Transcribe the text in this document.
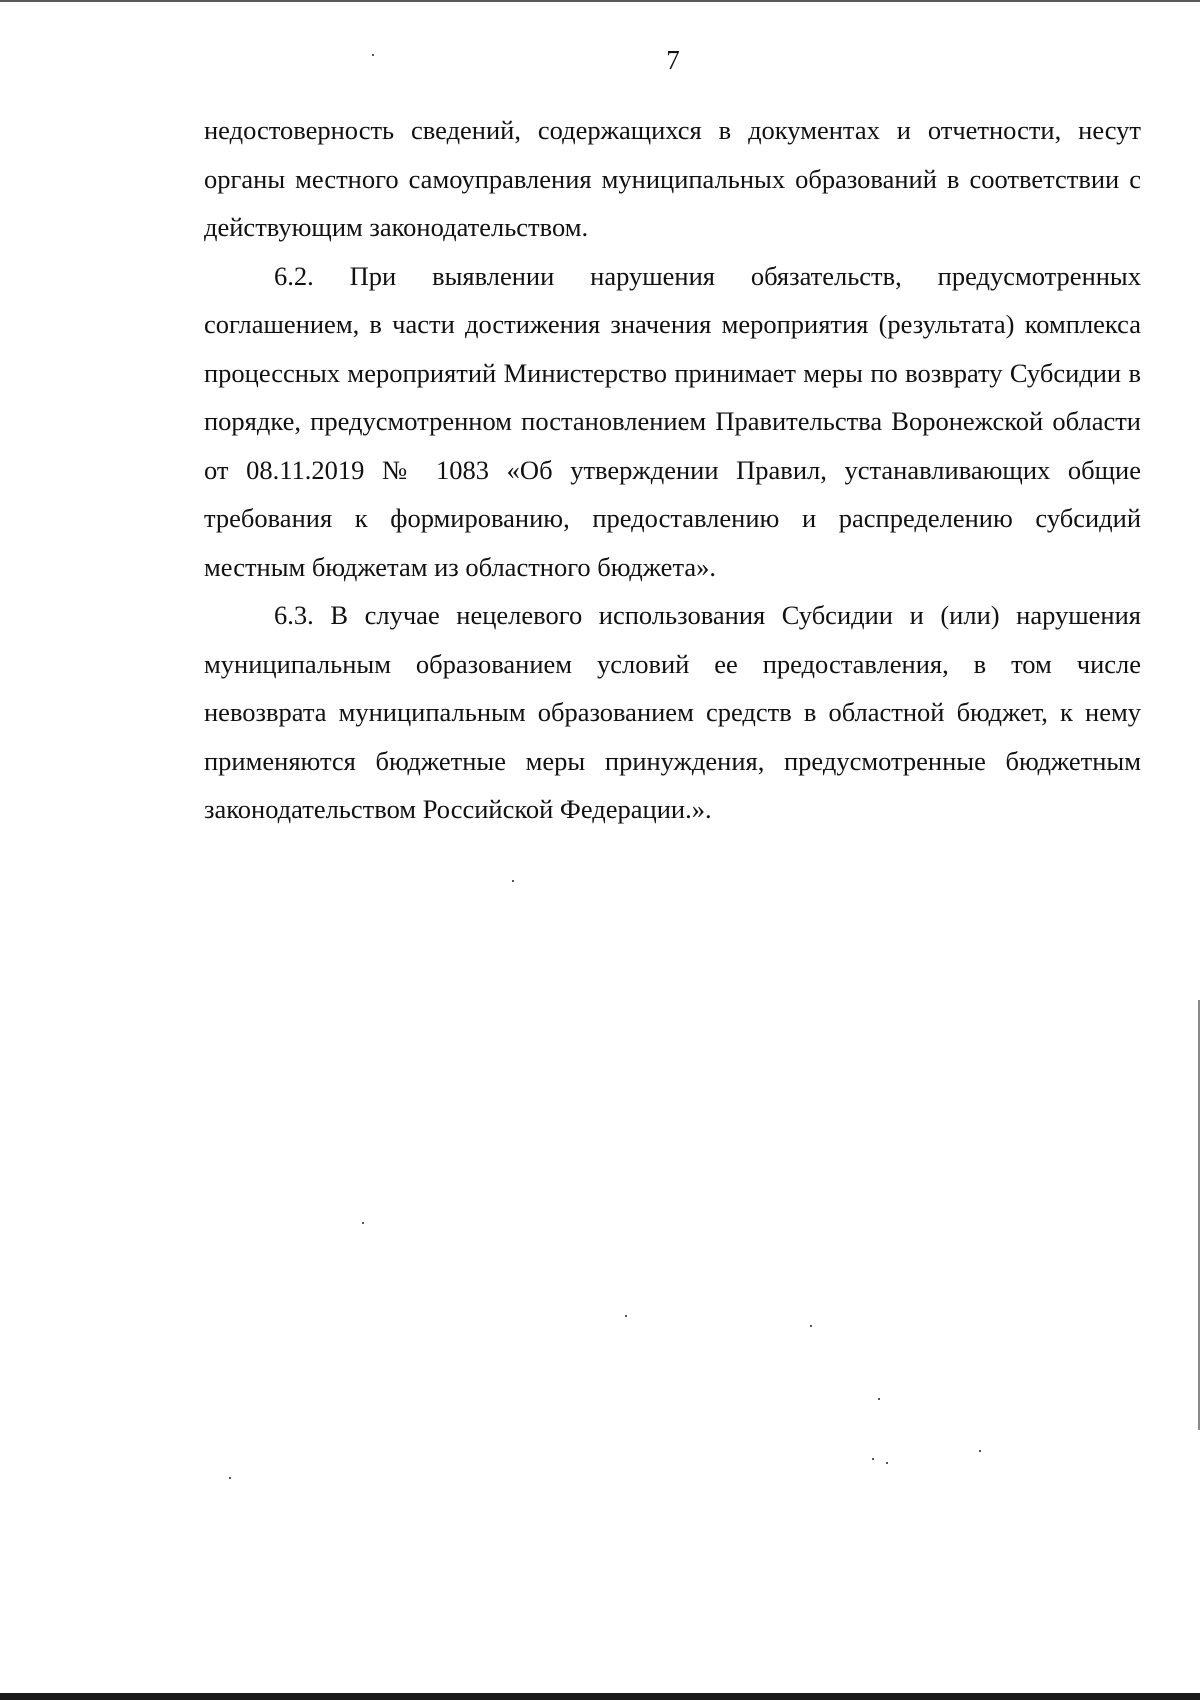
7

недостоверность сведений, содержащихся в документах и отчетности, несут органы местного самоуправления муниципальных образований в соответствии с действующим законодательством.

6.2. При выявлении нарушения обязательств, предусмотренных соглашением, в части достижения значения мероприятия (результата) комплекса процессных мероприятий Министерство принимает меры по возврату Субсидии в порядке, предусмотренном постановлением Правительства Воронежской области от 08.11.2019 № 1083 «Об утверждении Правил, устанавливающих общие требования к формированию, предоставлению и распределению субсидий местным бюджетам из областного бюджета».

6.3. В случае нецелевого использования Субсидии и (или) нарушения муниципальным образованием условий ее предоставления, в том числе невозврата муниципальным образованием средств в областной бюджет, к нему применяются бюджетные меры принуждения, предусмотренные бюджетным законодательством Российской Федерации.».
